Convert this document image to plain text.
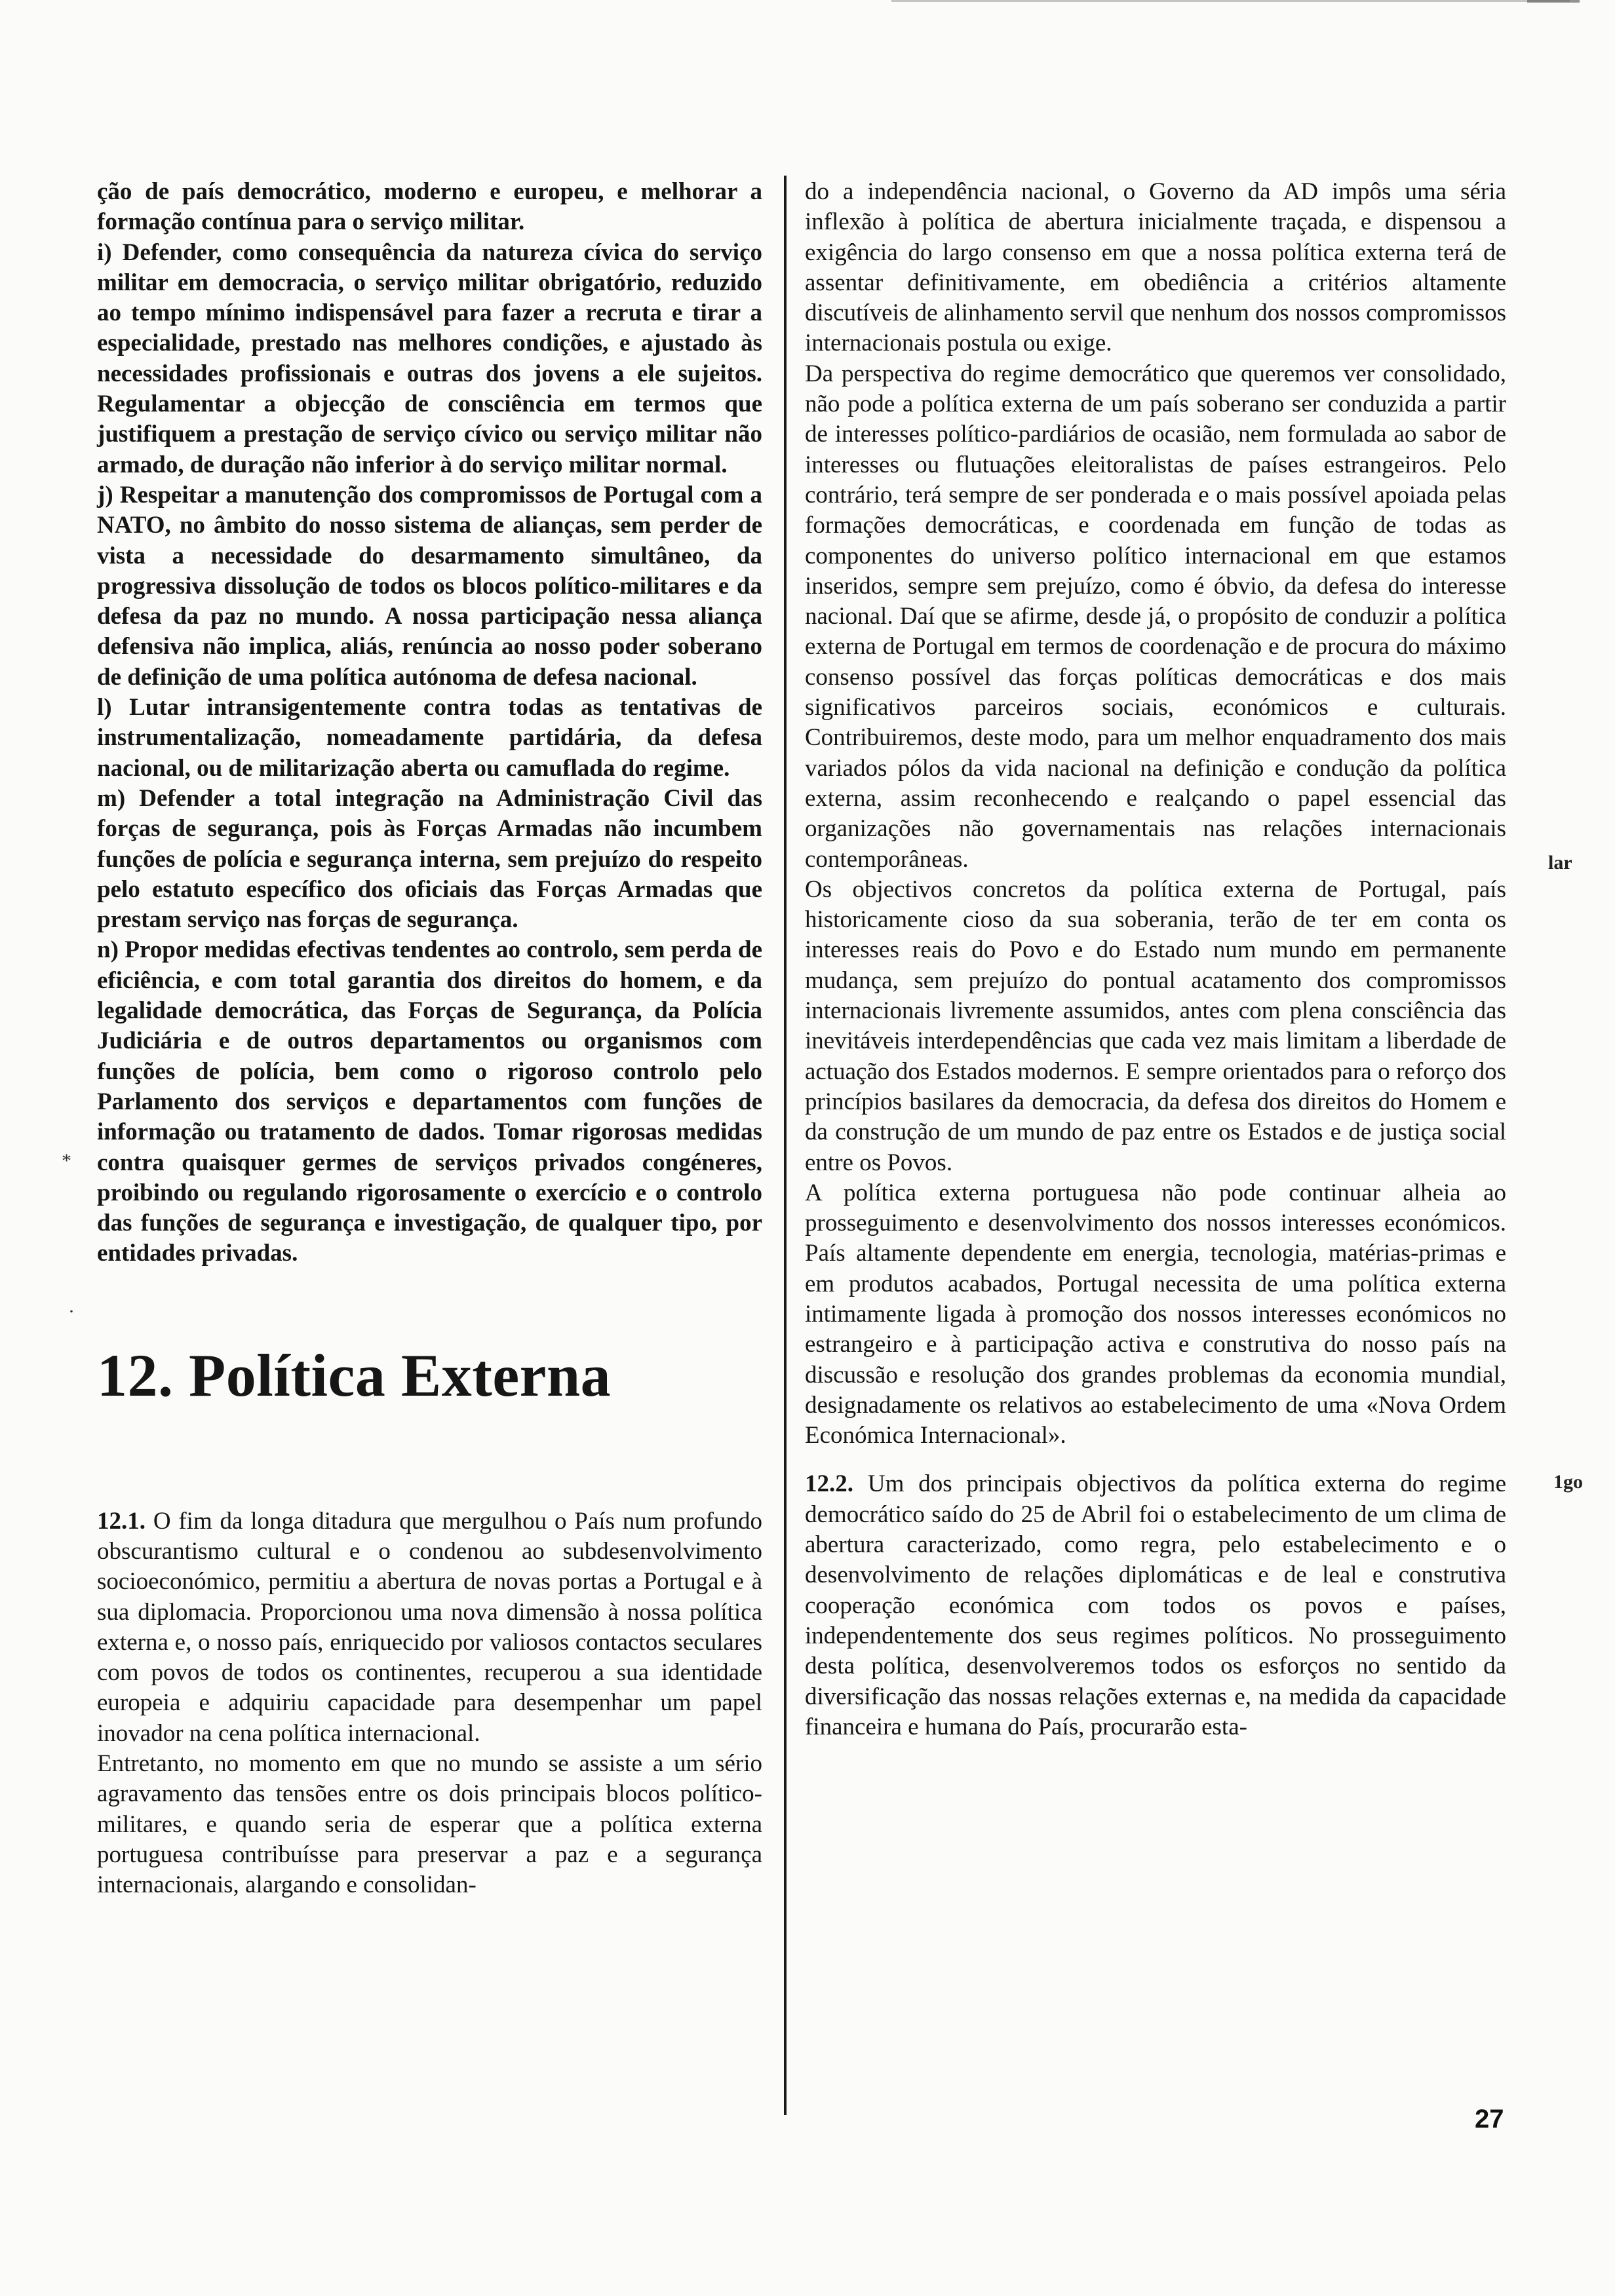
ção de país democrático, moderno e europeu, e melhorar a formação contínua para o serviço militar.

i) Defender, como consequência da natureza cívica do serviço militar em democracia, o serviço militar obrigatório, reduzido ao tempo mínimo indispensável para fazer a recruta e tirar a especialidade, prestado nas melhores condições, e ajustado às necessidades profissionais e outras dos jovens a ele sujeitos. Regulamentar a objecção de consciência em termos que justifiquem a prestação de serviço cívico ou serviço militar não armado, de duração não inferior à do serviço militar normal.

j) Respeitar a manutenção dos compromissos de Portugal com a NATO, no âmbito do nosso sistema de alianças, sem perder de vista a necessidade do desarmamento simultâneo, da progressiva dissolução de todos os blocos político-militares e da defesa da paz no mundo. A nossa participação nessa aliança defensiva não implica, aliás, renúncia ao nosso poder soberano de definição de uma política autónoma de defesa nacional.

l) Lutar intransigentemente contra todas as tentativas de instrumentalização, nomeadamente partidária, da defesa nacional, ou de militarização aberta ou camuflada do regime.

m) Defender a total integração na Administração Civil das forças de segurança, pois às Forças Armadas não incumbem funções de polícia e segurança interna, sem prejuízo do respeito pelo estatuto específico dos oficiais das Forças Armadas que prestam serviço nas forças de segurança.

n) Propor medidas efectivas tendentes ao controlo, sem perda de eficiência, e com total garantia dos direitos do homem, e da legalidade democrática, das Forças de Segurança, da Polícia Judiciária e de outros departamentos ou organismos com funções de polícia, bem como o rigoroso controlo pelo Parlamento dos serviços e departamentos com funções de informação ou tratamento de dados. Tomar rigorosas medidas contra quaisquer germes de serviços privados congéneres, proibindo ou regulando rigorosamente o exercício e o controlo das funções de segurança e investigação, de qualquer tipo, por entidades privadas.

12. Política Externa

12.1. O fim da longa ditadura que mergulhou o País num profundo obscurantismo cultural e o condenou ao subdesenvolvimento socioeconómico, permitiu a abertura de novas portas a Portugal e à sua diplomacia. Proporcionou uma nova dimensão à nossa política externa e, o nosso país, enriquecido por valiosos contactos seculares com povos de todos os continentes, recuperou a sua identidade europeia e adquiriu capacidade para desempenhar um papel inovador na cena política internacional.

Entretanto, no momento em que no mundo se assiste a um sério agravamento das tensões entre os dois principais blocos político-militares, e quando seria de esperar que a política externa portuguesa contribuísse para preservar a paz e a segurança internacionais, alargando e consolidan-

do a independência nacional, o Governo da AD impôs uma séria inflexão à política de abertura inicialmente traçada, e dispensou a exigência do largo consenso em que a nossa política externa terá de assentar definitivamente, em obediência a critérios altamente discutíveis de alinhamento servil que nenhum dos nossos compromissos internacionais postula ou exige.

Da perspectiva do regime democrático que queremos ver consolidado, não pode a política externa de um país soberano ser conduzida a partir de interesses político-pardiários de ocasião, nem formulada ao sabor de interesses ou flutuações eleitoralistas de países estrangeiros. Pelo contrário, terá sempre de ser ponderada e o mais possível apoiada pelas formações democráticas, e coordenada em função de todas as componentes do universo político internacional em que estamos inseridos, sempre sem prejuízo, como é óbvio, da defesa do interesse nacional. Daí que se afirme, desde já, o propósito de conduzir a política externa de Portugal em termos de coordenação e de procura do máximo consenso possível das forças políticas democráticas e dos mais significativos parceiros sociais, económicos e culturais. Contribuiremos, deste modo, para um melhor enquadramento dos mais variados pólos da vida nacional na definição e condução da política externa, assim reconhecendo e realçando o papel essencial das organizações não governamentais nas relações internacionais contemporâneas.

Os objectivos concretos da política externa de Portugal, país historicamente cioso da sua soberania, terão de ter em conta os interesses reais do Povo e do Estado num mundo em permanente mudança, sem prejuízo do pontual acatamento dos compromissos internacionais livremente assumidos, antes com plena consciência das inevitáveis interdependências que cada vez mais limitam a liberdade de actuação dos Estados modernos. E sempre orientados para o reforço dos princípios basilares da democracia, da defesa dos direitos do Homem e da construção de um mundo de paz entre os Estados e de justiça social entre os Povos.

A política externa portuguesa não pode continuar alheia ao prosseguimento e desenvolvimento dos nossos interesses económicos. País altamente dependente em energia, tecnologia, matérias-primas e em produtos acabados, Portugal necessita de uma política externa intimamente ligada à promoção dos nossos interesses económicos no estrangeiro e à participação activa e construtiva do nosso país na discussão e resolução dos grandes problemas da economia mundial, designadamente os relativos ao estabelecimento de uma «Nova Ordem Económica Internacional».

12.2. Um dos principais objectivos da política externa do regime democrático saído do 25 de Abril foi o estabelecimento de um clima de abertura caracterizado, como regra, pelo estabelecimento e o desenvolvimento de relações diplomáticas e de leal e construtiva cooperação económica com todos os povos e países, independentemente dos seus regimes políticos. No prosseguimento desta política, desenvolveremos todos os esforços no sentido da diversificação das nossas relações externas e, na medida da capacidade financeira e humana do País, procurarão esta-

lar
1go
*
·
27
